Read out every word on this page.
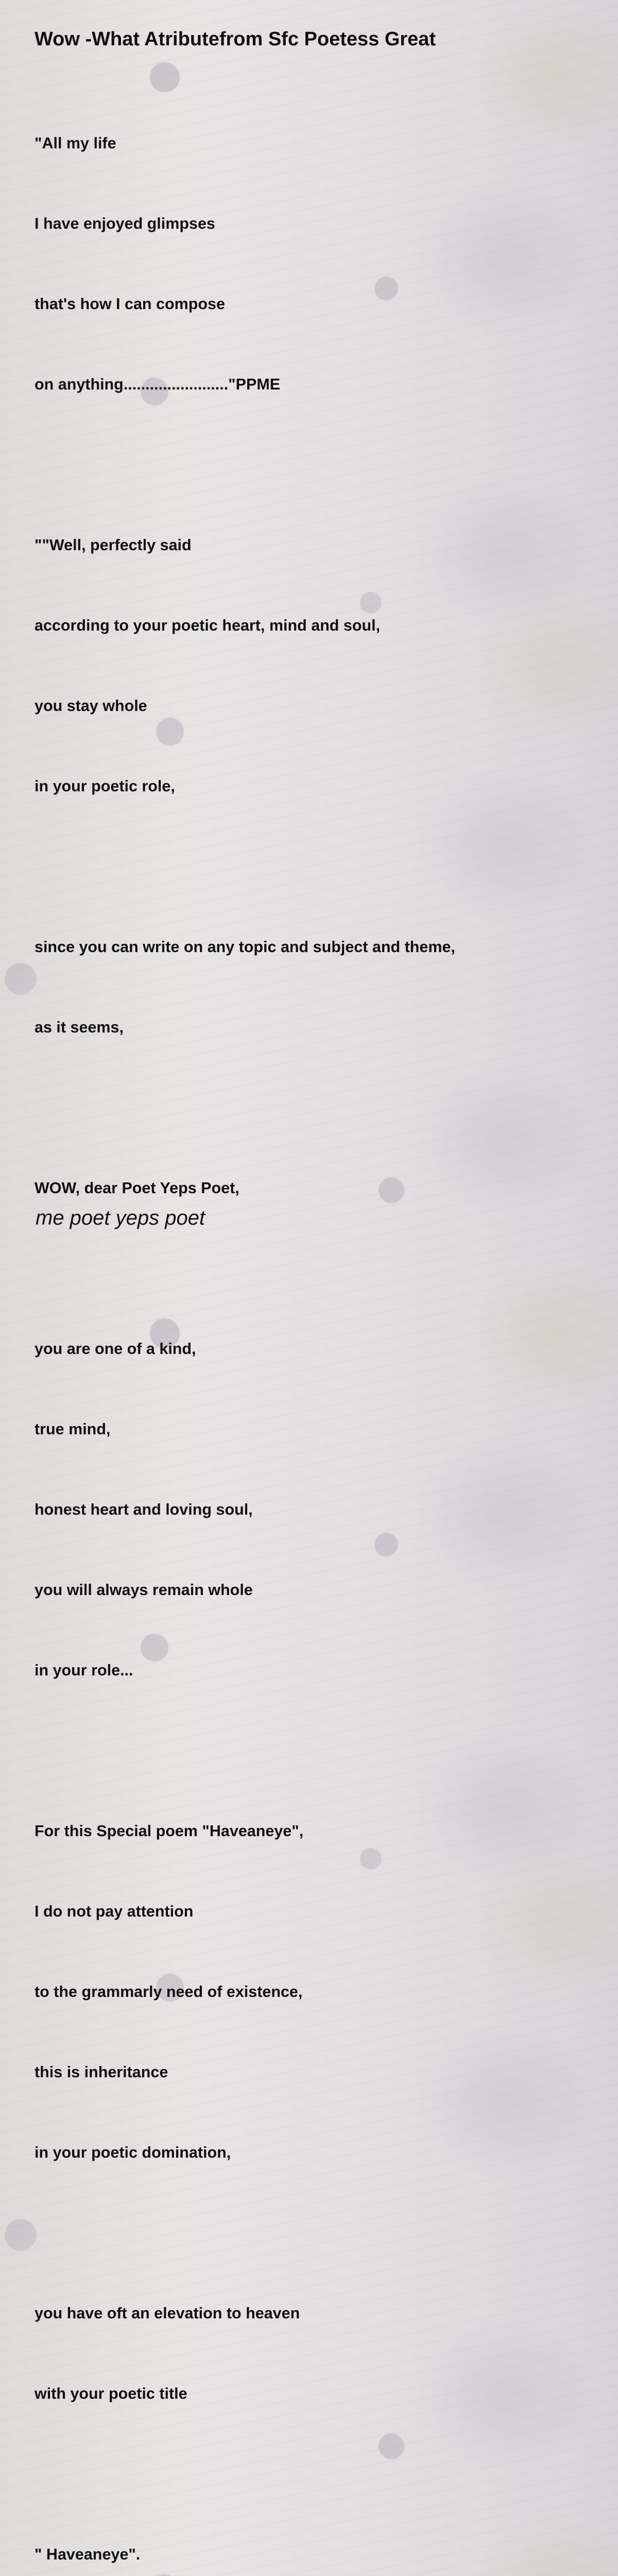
Wow -What Atributefrom Sfc Poetess Great

"All my life

I have enjoyed glimpses

that's how I can compose

on anything........................"PPME

""Well, perfectly said

according to your poetic heart, mind and soul,

you stay whole

in your poetic role,

since you can write on any topic and subject and theme,

as it seems,

WOW, dear Poet Yeps Poet,

you are one of a kind,

true mind,

honest heart and loving soul,

you will always remain whole

in your role...

For this Special poem "Haveaneye",

I do not pay attention

to the grammarly need of existence,

this is inheritance

in your poetic domination,

you have oft an elevation to heaven

with your poetic title

" Haveaneye".

me poet yeps poet
